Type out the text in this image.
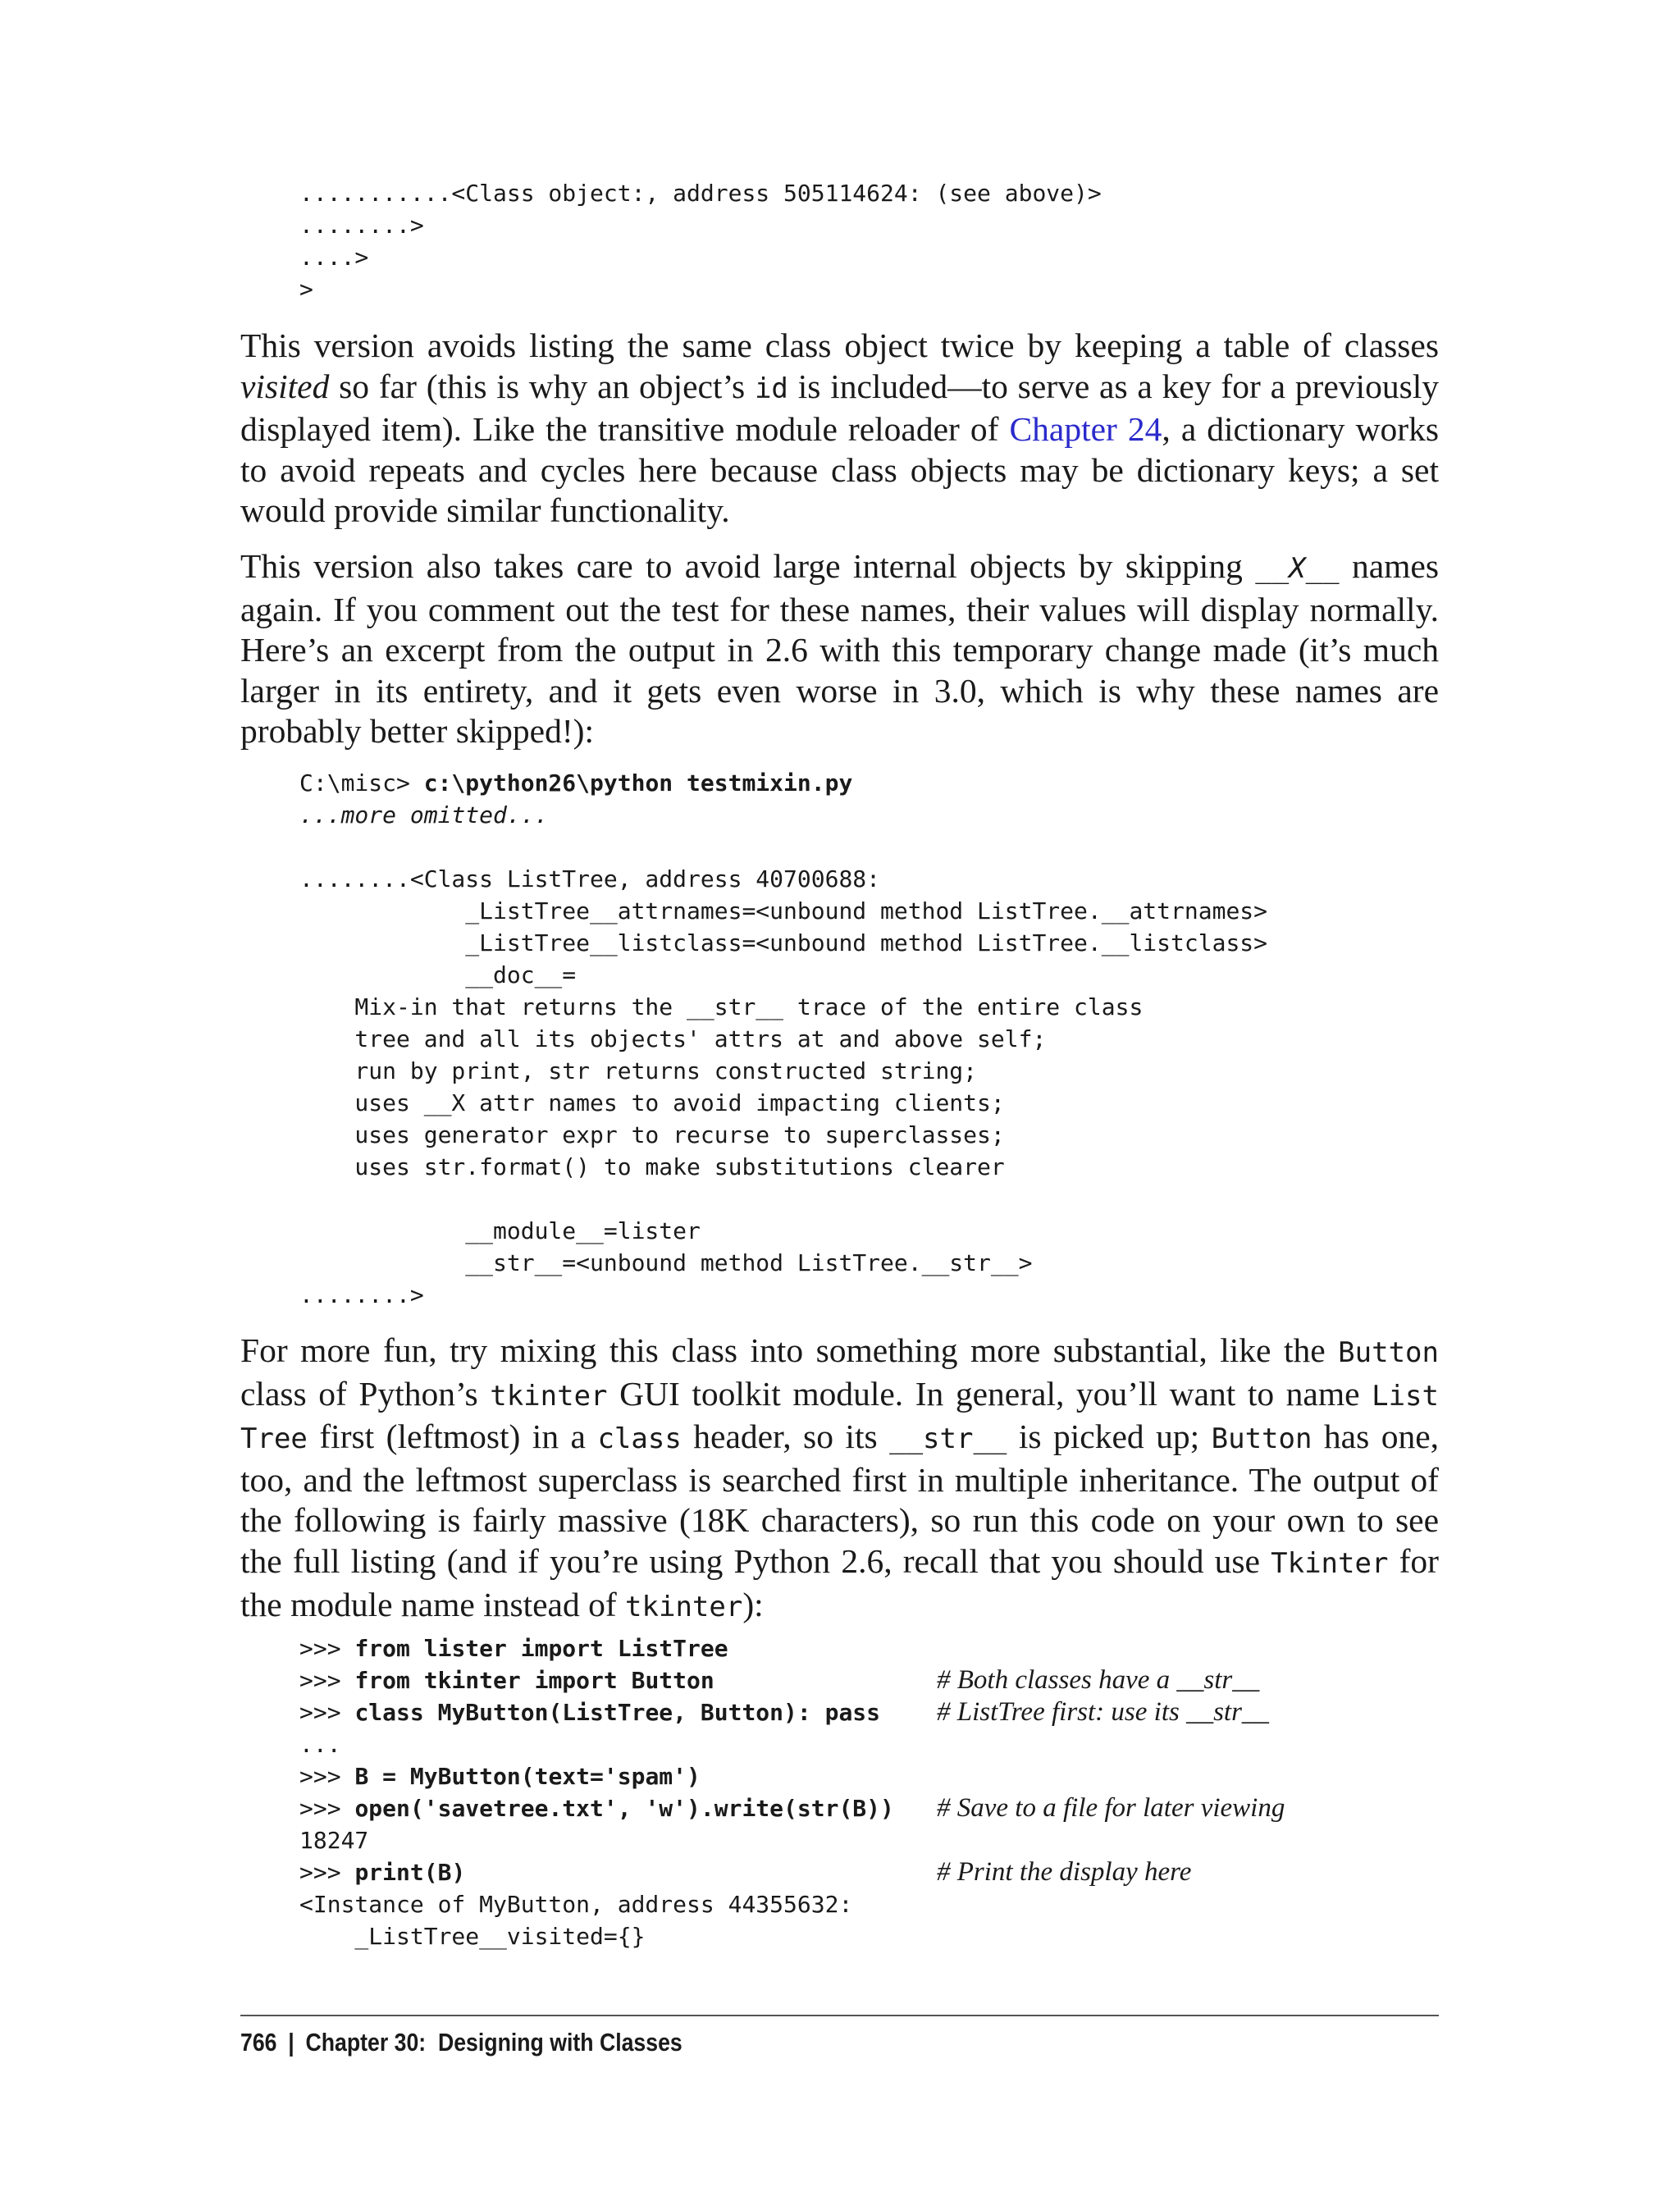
...........<Class object:, address 505114624: (see above)>
........>
....>
>

This version avoids listing the same class object twice by keeping a table of classes visited so far (this is why an object’s id is included—to serve as a key for a previously displayed item). Like the transitive module reloader of Chapter 24, a dictionary works to avoid repeats and cycles here because class objects may be dictionary keys; a set would provide similar functionality.

This version also takes care to avoid large internal objects by skipping __X__ names again. If you comment out the test for these names, their values will display normally. Here’s an excerpt from the output in 2.6 with this temporary change made (it’s much larger in its entirety, and it gets even worse in 3.0, which is why these names are probably better skipped!):

C:\misc> c:\python26\python testmixin.py
...more omitted...
........<Class ListTree, address 40700688:
_ListTree__attrnames=<unbound method ListTree.__attrnames>
_ListTree__listclass=<unbound method ListTree.__listclass>
__doc__=
Mix-in that returns the __str__ trace of the entire class
tree and all its objects' attrs at and above self;
run by print, str returns constructed string;
uses __X attr names to avoid impacting clients;
uses generator expr to recurse to superclasses;
uses str.format() to make substitutions clearer
__module__=lister
__str__=<unbound method ListTree.__str__>
........>

For more fun, try mixing this class into something more substantial, like the Button class of Python’s tkinter GUI toolkit module. In general, you’ll want to name List Tree first (leftmost) in a class header, so its __str__ is picked up; Button has one, too, and the leftmost superclass is searched first in multiple inheritance. The output of the following is fairly massive (18K characters), so run this code on your own to see the full listing (and if you’re using Python 2.6, recall that you should use Tkinter for the module name instead of tkinter):

>>> from lister import ListTree
>>> from tkinter import Button	# Both classes have a __str__
>>> class MyButton(ListTree, Button): pass # ListTree first: use its __str__
...
>>> B = MyButton(text='spam')
>>> open('savetree.txt', 'w').write(str(B)) # Save to a file for later viewing
18247
>>> print(B)	# Print the display here
<Instance of MyButton, address 44355632:
_ListTree__visited={}
766 | Chapter 30:  Designing with Classes
